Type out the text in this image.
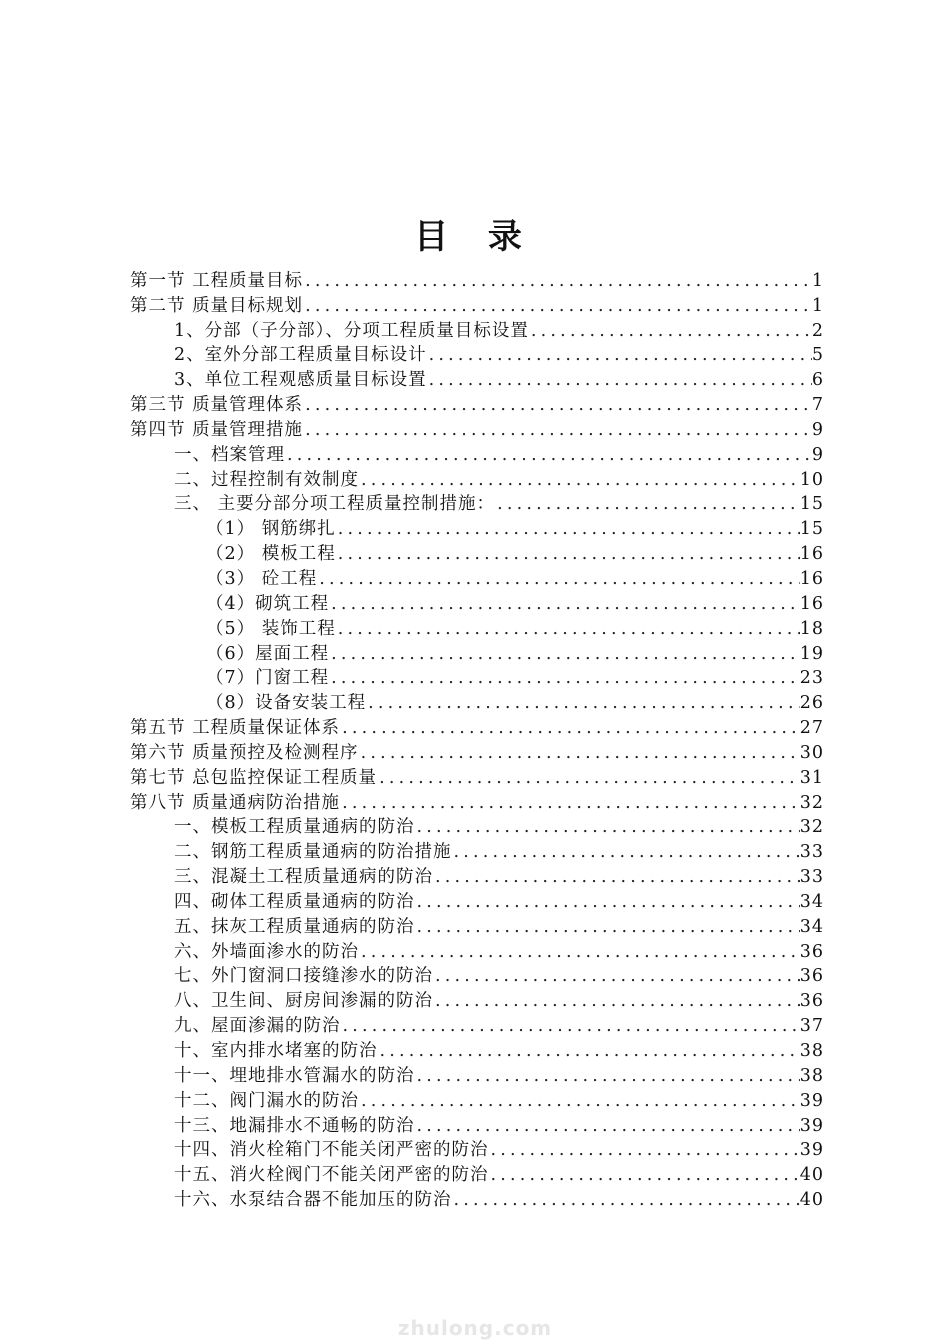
目 录
第一节 工程质量目标 .....	1
第二节 质量目标规划 .....	1
1、分部（子分部）、分项工程质量目标设置 .....	2
2、室外分部工程质量目标设计 .....	5
3、单位工程观感质量目标设置 .....	6
第三节 质量管理体系 .....	7
第四节 质量管理措施 .....	9
一、档案管理 .....	9
二、过程控制有效制度 .....	10
三、 主要分部分项工程质量控制措施： .....	15
（1） 钢筋绑扎 .....	15
（2） 模板工程 .....	16
（3） 砼工程 .....	16
（4）砌筑工程 .....	16
（5） 装饰工程 .....	18
（6）屋面工程 .....	19
（7）门窗工程 .....	23
（8）设备安装工程 .....	26
第五节 工程质量保证体系 .....	27
第六节 质量预控及检测程序 .....	30
第七节 总包监控保证工程质量 .....	31
第八节 质量通病防治措施 .....	32
一、模板工程质量通病的防治 .....	32
二、钢筋工程质量通病的防治措施 .....	33
三、混凝土工程质量通病的防治 .....	33
四、砌体工程质量通病的防治 .....	34
五、抹灰工程质量通病的防治 .....	34
六、外墙面渗水的防治 .....	36
七、外门窗洞口接缝渗水的防治 .....	36
八、卫生间、厨房间渗漏的防治 .....	36
九、屋面渗漏的防治 .....	37
十、室内排水堵塞的防治 .....	38
十一、埋地排水管漏水的防治 .....	38
十二、阀门漏水的防治 .....	39
十三、地漏排水不通畅的防治 .....	39
十四、消火栓箱门不能关闭严密的防治 .....	39
十五、消火栓阀门不能关闭严密的防治 .....	40
十六、水泵结合器不能加压的防治 .....	40
zhulong.com
